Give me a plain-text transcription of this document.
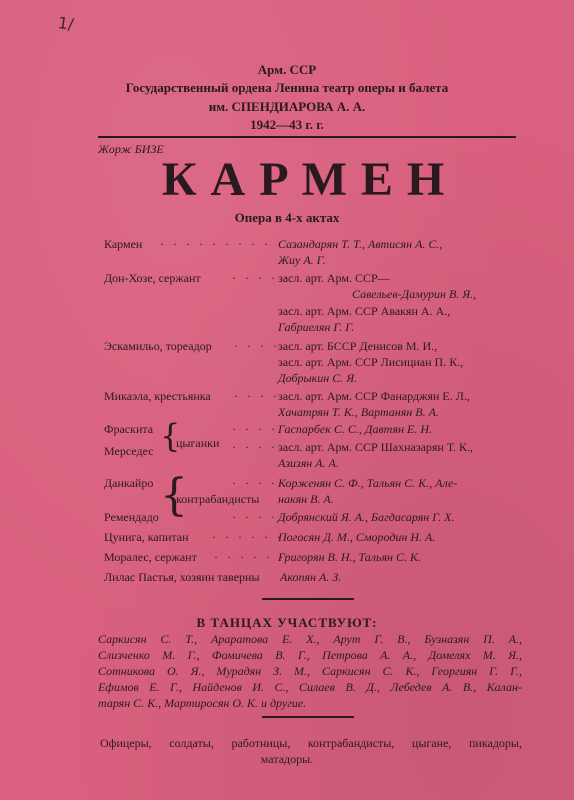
1/
Арм. ССР
Государственный ордена Ленина театр оперы и балета
им. СПЕНДИАРОВА А. А.
1942—43 г. г.
Жорж БИЗЕ
КАРМЕН
Опера в 4-х актах
Кармен · · · · · · · · · Сазандарян Т. Т., Автисян А. С.,
Жиу А. Г.
Дон-Хозе, сержант	· · · · ·
засл. арт. Арм. ССР—
Савельев-Дамурин В. Я.,
засл. арт. Арм. ССР Авакян А. А.,
Габриелян Г. Г.
Эскамильо, тореадор · · · ·
засл. арт. БССР Денисов М. И.,
засл. арт. Арм. ССР Лисициан П. К.,
Добрыкин С. Я.
Микаэла, крестьянка · · · ·
засл. арт. Арм. ССР Фанарджян Е. Л.,
Хачатрян Т. К., Вартанян В. А.
Фраскита
Мерседес {
цыганки
· · · ·
· · · ·
Гаспарбек С. С., Давтян Е. Н.
засл. арт. Арм. ССР Шахназарян Т. К.,
Азизян А. А.
Данкайро
Ремендадо {
контрабандисты
· · · ·
· · · ·
Корженян С. Ф., Тальян С. К., Але-
накян В. А.
Добрянский Я. А., Багдасарян Г. Х.
Цунига, капитан · · · · · ·
Погосян Д. М., Смородин Н. А.
Моралес, сержант · · · · · ·
Григорян В. Н., Тальян С. К.
Лилас Пастья, хозяин таверны Акопян А. З.
В ТАНЦАХ УЧАСТВУЮТ:
Саркисян С. Т., Араратова Е. Х., Арут Г. В., Бузназян П. А.,
Слизченко М. Г., Фомичева В. Г., Петрова А. А., Домелях М. Я.,
Сотникова О. Я., Мурадян З. М., Саркисян С. К., Георгиян Г. Г.,
Ефимов Е. Г., Найденов И. С., Силаев В. Д., Лебедев А. В., Калан-
тарян С. К., Мартиросян О. К. и другие.
Офицеры, солдаты, работницы, контрабандисты, цыгане, пикадоры,
матадоры.
